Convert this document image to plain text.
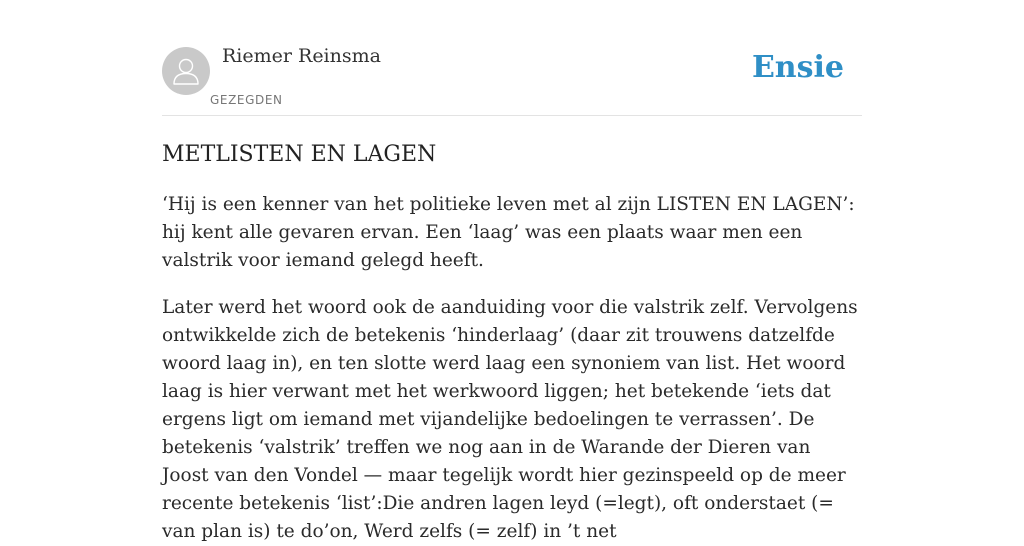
Riemer Reinsma
GEZEGDEN
Ensie
METLISTEN EN LAGEN

‘Hij is een kenner van het politieke leven met al zijn LISTEN EN LAGEN’: hij kent alle gevaren ervan. Een ‘laag’ was een plaats waar men een valstrik voor iemand gelegd heeft.

Later werd het woord ook de aanduiding voor die valstrik zelf. Vervolgens ontwikkelde zich de betekenis ‘hinderlaag’ (daar zit trouwens datzelfde woord laag in), en ten slotte werd laag een synoniem van list. Het woord laag is hier verwant met het werkwoord liggen; het betekende ‘iets dat ergens ligt om iemand met vijandelijke bedoelingen te verrassen’. De betekenis ‘valstrik’ treffen we nog aan in de Warande der Dieren van Joost van den Vondel — maar tegelijk wordt hier gezinspeeld op de meer recente betekenis ‘list’:Die andren lagen leyd (=legt), oft onderstaet (= van plan is) te do’on, Werd zelfs (= zelf) in ’t net
